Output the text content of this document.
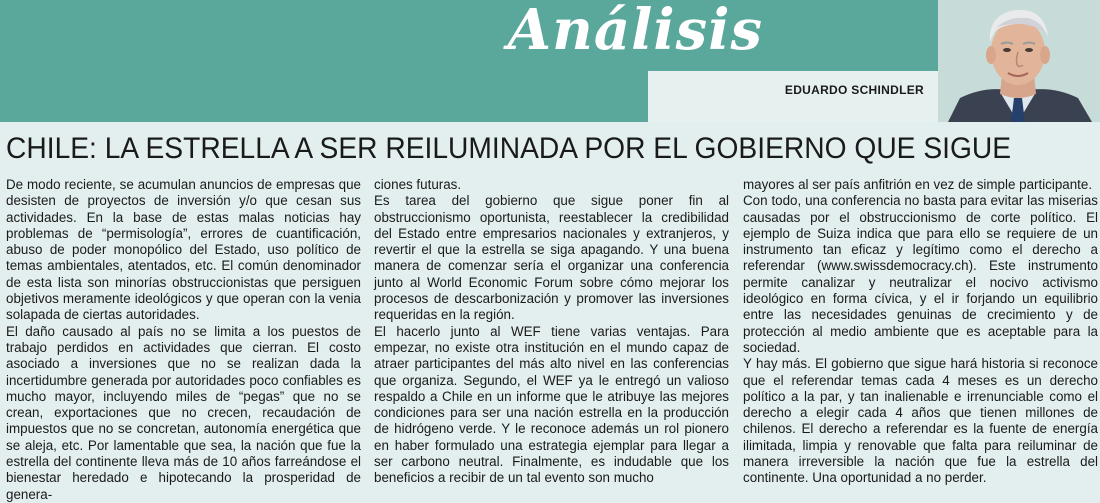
Análisis
EDUARDO SCHINDLER
CHILE: LA ESTRELLA A SER REILUMINADA POR EL GOBIERNO QUE SIGUE

De modo reciente, se acumulan anuncios de empresas que desisten de proyectos de inversión y/o que cesan sus actividades. En la base de estas malas noticias hay problemas de “permisología”, errores de cuantificación, abuso de poder monopólico del Estado, uso político de temas ambientales, atentados, etc. El común denominador de esta lista son minorías obstruccionistas que persiguen objetivos meramente ideológicos y que operan con la venia solapada de ciertas autoridades.

El daño causado al país no se limita a los puestos de trabajo perdidos en actividades que cierran. El costo asociado a inversiones que no se realizan dada la incertidumbre generada por autoridades poco confiables es mucho mayor, incluyendo miles de “pegas” que no se crean, exportaciones que no crecen, recaudación de impuestos que no se concretan, autonomía energética que se aleja, etc. Por lamentable que sea, la nación que fue la estrella del continente lleva más de 10 años farreándose el bienestar heredado e hipotecando la prosperidad de genera-

ciones futuras.

Es tarea del gobierno que sigue poner fin al obstruccionismo oportunista, reestablecer la credibilidad del Estado entre empresarios nacionales y extranjeros, y revertir el que la estrella se siga apagando. Y una buena manera de comenzar sería el organizar una conferencia junto al World Economic Forum sobre cómo mejorar los procesos de descarbonización y promover las inversiones requeridas en la región.

El hacerlo junto al WEF tiene varias ventajas. Para empezar, no existe otra institución en el mundo capaz de atraer participantes del más alto nivel en las conferencias que organiza. Segundo, el WEF ya le entregó un valioso respaldo a Chile en un informe que le atribuye las mejores condiciones para ser una nación estrella en la producción de hidrógeno verde. Y le reconoce además un rol pionero en haber formulado una estrategia ejemplar para llegar a ser carbono neutral. Finalmente, es indudable que los beneficios a recibir de un tal evento son mucho

mayores al ser país anfitrión en vez de simple participante.

Con todo, una conferencia no basta para evitar las miserias causadas por el obstruccionismo de corte político. El ejemplo de Suiza indica que para ello se requiere de un instrumento tan eficaz y legítimo como el derecho a referendar (www.swissdemocracy.ch). Este instrumento permite canalizar y neutralizar el nocivo activismo ideológico en forma cívica, y el ir forjando un equilibrio entre las necesidades genuinas de crecimiento y de protección al medio ambiente que es aceptable para la sociedad.

Y hay más. El gobierno que sigue hará historia si reconoce que el referendar temas cada 4 meses es un derecho político a la par, y tan inalienable e irrenunciable como el derecho a elegir cada 4 años que tienen millones de chilenos. El derecho a referendar es la fuente de energía ilimitada, limpia y renovable que falta para reiluminar de manera irreversible la nación que fue la estrella del continente. Una oportunidad a no perder.
